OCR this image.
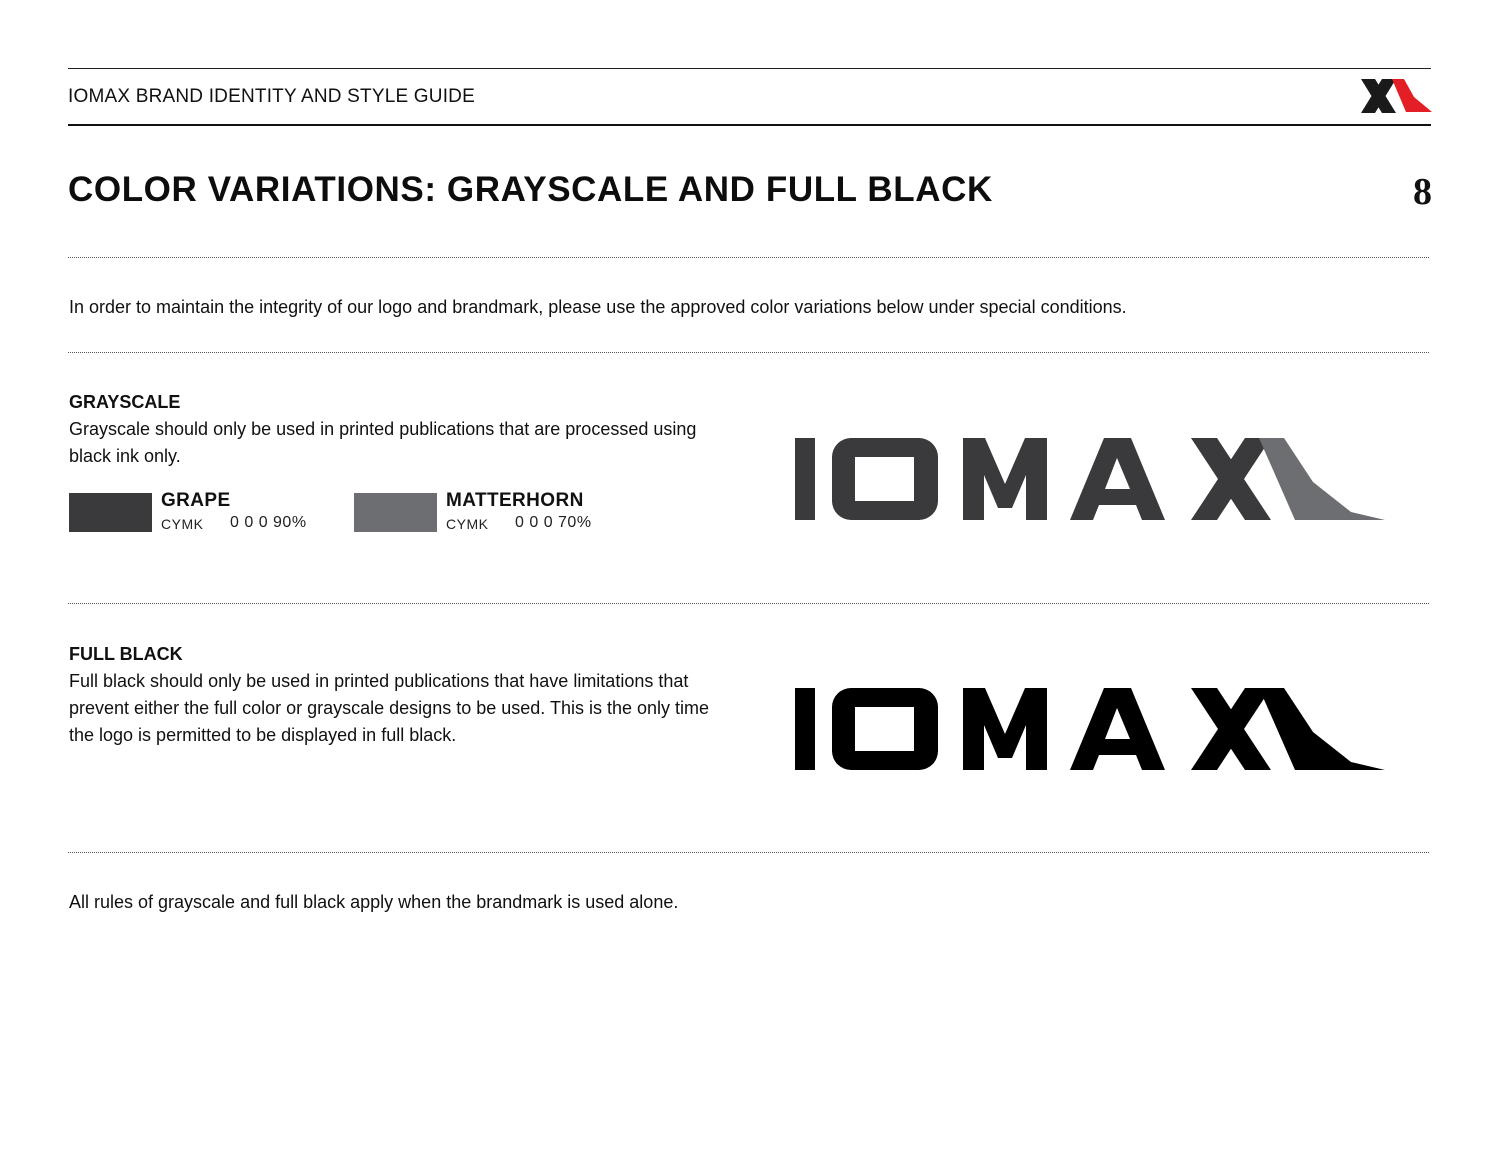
IOMAX BRAND IDENTITY AND STYLE GUIDE
COLOR VARIATIONS: GRAYSCALE AND FULL BLACK	8
In order to maintain the integrity of our logo and brandmark, please use the approved color variations below under special conditions.
GRAYSCALE
Grayscale should only be used in printed publications that are processed using black ink only.
GRAPE
CYMK 0 0 0 90%
MATTERHORN
CYMK 0 0 0 70%
FULL BLACK
Full black should only be used in printed publications that have limitations that prevent either the full color or grayscale designs to be used. This is the only time the logo is permitted to be displayed in full black.
All rules of grayscale and full black apply when the brandmark is used alone.
